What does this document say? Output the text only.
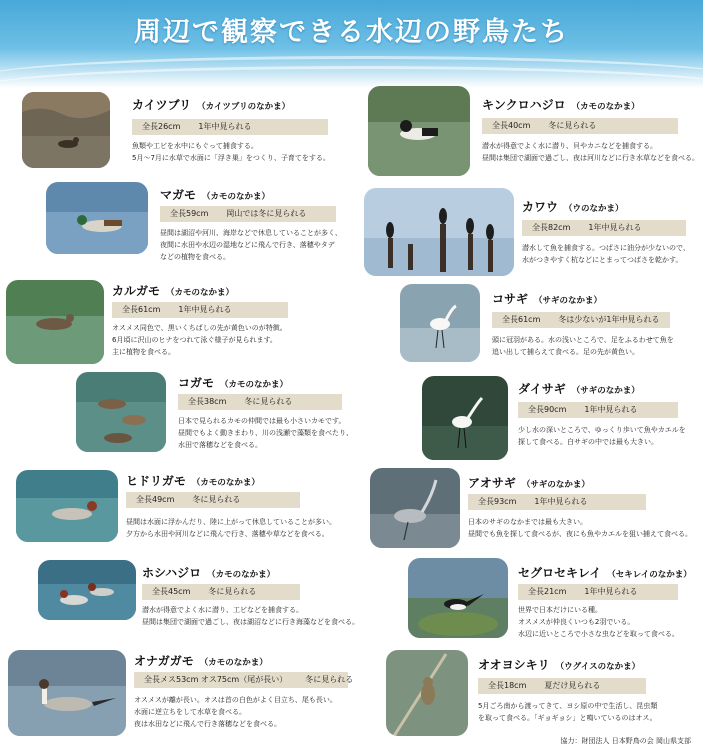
周辺で観察できる水辺の野鳥たち
カイツブリ （カイツブリのなかま）
全長26cm 1年中見られる
魚類や工ビを水中にもぐって捕食する。
5月～7月に水草で水面に「浮き巣」をつくり、子育てをする。
マガモ （カモのなかま）
全長59cm 岡山では冬に見られる
昼間は湖沼や河川、海岸などで休息していることが多く、
夜間に水田や水辺の湿地などに飛んで行き、落穂やタデ
などの植物を食べる。
カルガモ （カモのなかま）
全長61cm 1年中見られる
オスメス同色で、黒いくちばしの先が黄色いのが特徴。
6月頃に沢山のヒナをつれて泳ぐ様子が見られます。
主に植物を食べる。
コガモ （カモのなかま）
全長38cm 冬に見られる
日本で見られるカモの仲間では最も小さいカモです。
昼間でもよく動きまわり、川の浅瀬で藻類を食べたり、
水田で落穂などを食べる。
ヒドリガモ （カモのなかま）
全長49cm 冬に見られる
昼間は水面に浮かんだり、陸に上がって休息していることが多い。
夕方から水田や河川などに飛んで行き、落穂や草などを食べる。
ホシハジロ （カモのなかま）
全長45cm 冬に見られる
潜水が得意でよく水に潜り、工ビなどを捕食する。
昼間は集団で湖面で過ごし、夜は湖沼などに行き海藻などを食べる。
オナガガモ （カモのなかま）
全長メス53cm オス75cm（尾が長い） 冬に見られる
オスメスが離が長い。オスは首の白色がよく目立ち、尾も長い。
水面に逆立ちをして水草を食べる。
夜は水田などに飛んで行き落穂などを食べる。
キンクロハジロ （カモのなかま）
全長40cm 冬に見られる
潜水が得意でよく水に潜り、貝やカニなどを捕食する。
昼間は集団で湖面で過ごし、夜は河川などに行き水草などを食べる。
カワウ （ウのなかま）
全長82cm 1年中見られる
潜水して魚を捕食する。つばさに油分が少ないので、
水がつきやすく杭などにとまってつばさを乾かす。
コサギ （サギのなかま）
全長61cm 冬は少ないが1年中見られる
頭に冠羽がある。水の浅いところで、足をふるわせて魚を
追い出して捕らえて食べる。足の先が黄色い。
ダイサギ （サギのなかま）
全長90cm 1年中見られる
少し水の深いところで、ゆっくり歩いて魚やカエルを
探して食べる。白サギの中では最も大きい。
アオサギ （サギのなかま）
全長93cm 1年中見られる
日本のサギのなかまでは最も大きい。
昼間でも魚を探して食べるが、夜にも魚やカエルを狙い捕えて食べる。
セグロセキレイ （セキレイのなかま）
全長21cm 1年中見られる
世界で日本だけにいる種。
オスメスが仲良くいつも2羽でいる。
水辺に近いところで小さな虫などを取って食べる。
オオヨシキリ （ウグイスのなかま）
全長18cm 夏だけ見られる
5月ごろ南から渡ってきて、ヨシ原の中で生活し、昆虫類
を取って食べる。「ギョギョシ」と鳴いているのはオス。
協力：財団法人 日本野鳥の会 岡山県支部
